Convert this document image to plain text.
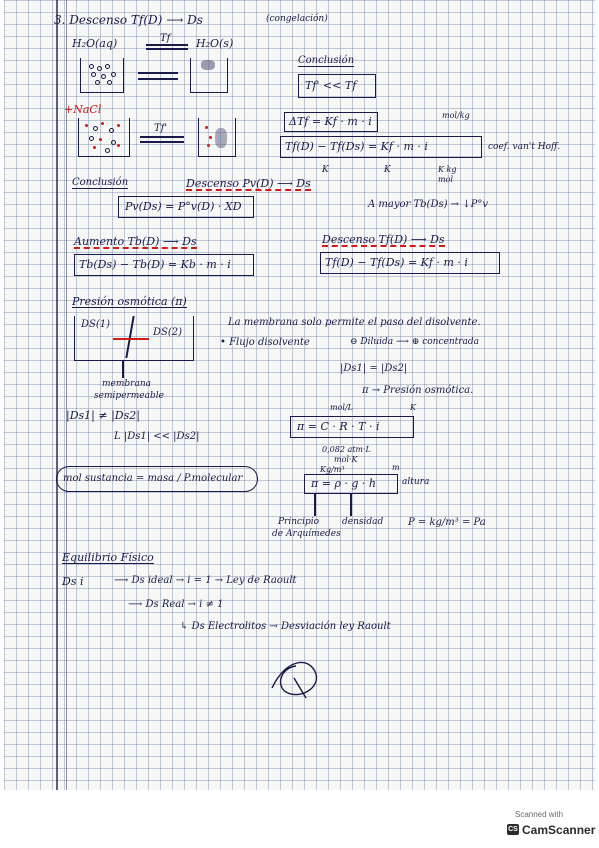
3. Descenso Tf(D) ⟶ Ds	(congelación)
H₂O(aq)	Tf H₂O(s)
Conclusión
Tf' << Tf
+NaCl
Tf'
ΔTf = Kf · m · i	mol/kg
Tf(D) − Tf(Ds) = Kf · m · i	coef. van't Hoff.
K	K	K kg
mol
Conclusión	Descenso Pv(D) ⟶ Ds
Pv(Ds) = P°v(D) · XD	A mayor Tb(Ds) → ↓P°v
Aumento Tb(D) ⟶ Ds
Tb(Ds) − Tb(D) = Kb · m · i
Descenso Tf(D) ⟶ Ds
Tf(D) − Tf(Ds) = Kf · m · i
Presión osmótica (π)
DS(1)
DS(2)
La membrana solo permite el paso del disolvente.
• Flujo disolvente	⊖ Diluida ⟶ ⊕ concentrada
membrana
semipermeable
|Ds1| = |Ds2|
π → Presión osmótica.
|Ds1| ≠ |Ds2|
L |Ds1| << |Ds2|
mol/L	K
π = C · R · T · i
0,082 atm·L
mol·K
Kg/m³	m
mol sustancia = masa / P.molecular	π = ρ · g · h	altura
Principio
de Arquímedes
densidad P = kg/m³ = Pa
Equilibrio Físico
Ds i	⟶ Ds ideal → i = 1 → Ley de Raoult
⟶ Ds Real → i ≠ 1
↳ Ds Electrolitos → Desviación ley Raoult
Scanned with
CS CamScanner
